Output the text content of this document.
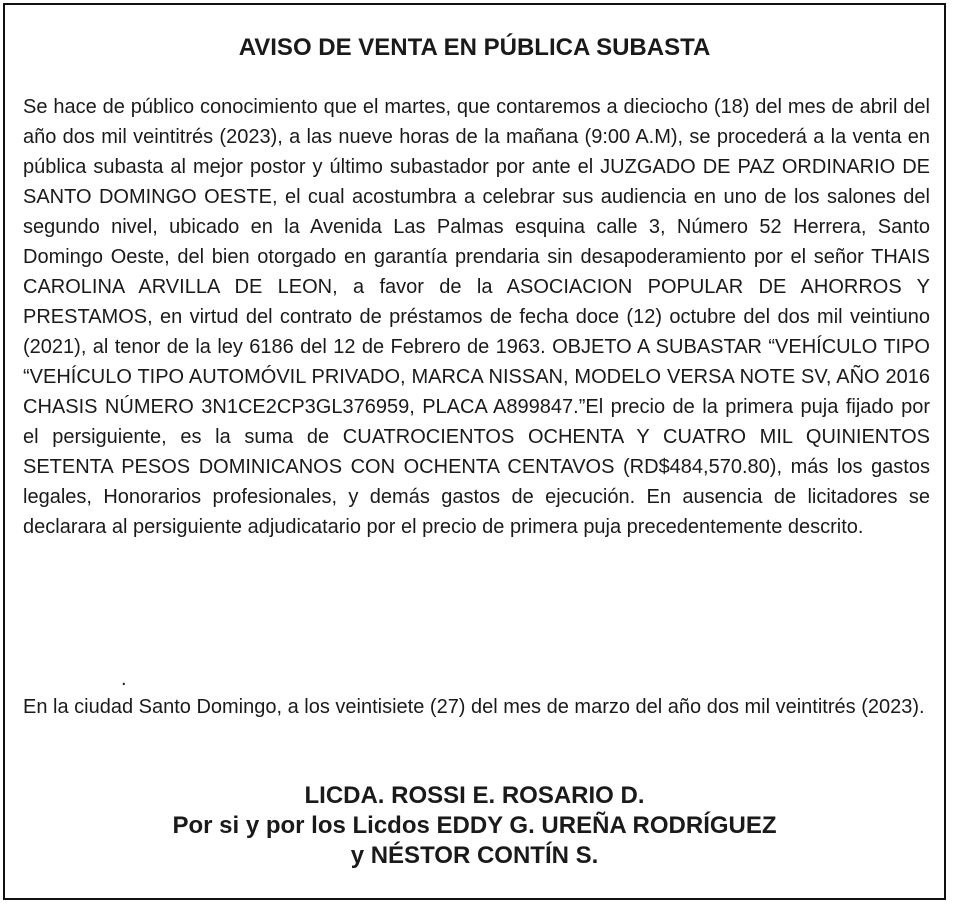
AVISO DE VENTA EN PÚBLICA SUBASTA

Se hace de público conocimiento que el martes, que contaremos a dieciocho (18) del mes de abril del año dos mil veintitrés (2023), a las nueve horas de la mañana (9:00 A.M), se procederá a la venta en pública subasta al mejor postor y último subastador por ante el JUZGADO DE PAZ ORDINARIO DE SANTO DOMINGO OESTE, el cual acostumbra a celebrar sus audiencia en uno de los salones del segundo nivel, ubicado en la Avenida Las Palmas esquina calle 3, Número 52 Herrera, Santo Domingo Oeste, del bien otorgado en garantía prendaria sin desapoderamiento por el señor THAIS CAROLINA ARVILLA DE LEON, a favor de la ASOCIACION POPULAR DE AHORROS Y PRESTAMOS, en virtud del contrato de préstamos de fecha doce (12) octubre del dos mil veintiuno (2021), al tenor de la ley 6186 del 12 de Febrero de 1963. OBJETO A SUBASTAR “VEHÍCULO TIPO “VEHÍCULO TIPO AUTOMÓVIL PRIVADO, MARCA NISSAN, MODELO VERSA NOTE SV, AÑO 2016 CHASIS NÚMERO 3N1CE2CP3GL376959, PLACA A899847.”El precio de la primera puja fijado por el persiguiente, es la suma de CUATROCIENTOS OCHENTA Y CUATRO MIL QUINIENTOS SETENTA PESOS DOMINICANOS CON OCHENTA CENTAVOS (RD$484,570.80), más los gastos legales, Honorarios profesionales, y demás gastos de ejecución. En ausencia de licitadores se declarara al persiguiente adjudicatario por el precio de primera puja precedentemente descrito.

.

En la ciudad Santo Domingo, a los veintisiete (27) del mes de marzo del año dos mil veintitrés (2023).

LICDA. ROSSI E. ROSARIO D.
Por si y por los Licdos EDDY G. UREÑA RODRÍGUEZ
y NÉSTOR CONTÍN S.
